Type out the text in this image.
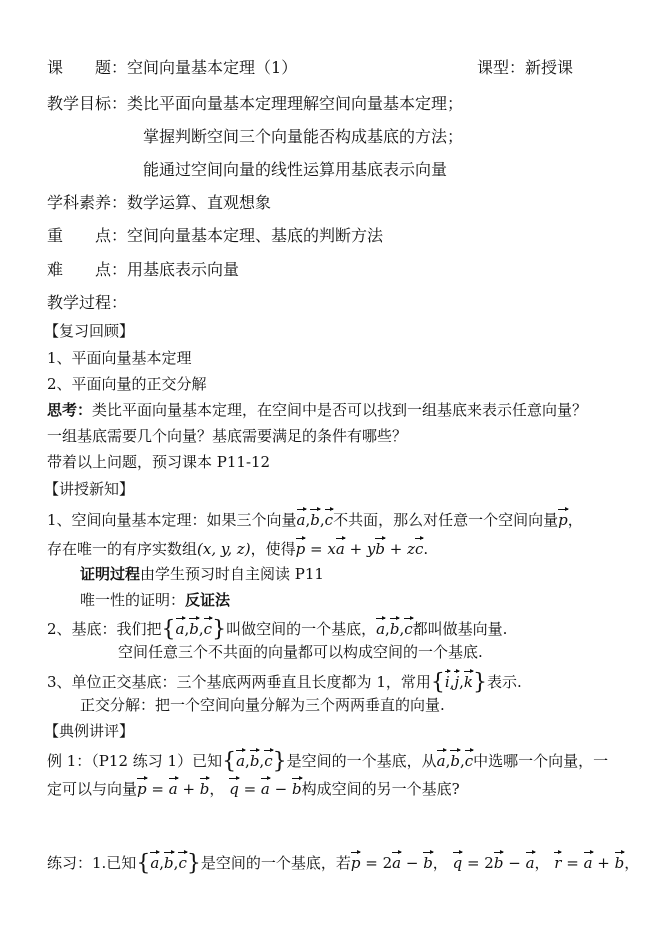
课　　题：空间向量基本定理（1）	课型：新授课
教学目标：类比平面向量基本定理理解空间向量基本定理；
掌握判断空间三个向量能否构成基底的方法；
能通过空间向量的线性运算用基底表示向量
学科素养：数学运算、直观想象
重　　点：空间向量基本定理、基底的判断方法
难　　点：用基底表示向量
教学过程：
【复习回顾】
1、平面向量基本定理
2、平面向量的正交分解
思考：类比平面向量基本定理，在空间中是否可以找到一组基底来表示任意向量？
一组基底需要几个向量？基底需要满足的条件有哪些？
带着以上问题，预习课本 P11-12
【讲授新知】
1、空间向量基本定理：如果三个向量a,b,c不共面，那么对任意一个空间向量p，
存在唯一的有序实数组(x, y, z)，使得p = xa + yb + zc.
证明过程由学生预习时自主阅读 P11
唯一性的证明：反证法
2、基底：我们把{a,b,c}叫做空间的一个基底，a,b,c都叫做基向量.
空间任意三个不共面的向量都可以构成空间的一个基底.
3、单位正交基底：三个基底两两垂直且长度都为 1，常用{i,j,k}表示.
正交分解：把一个空间向量分解为三个两两垂直的向量.
【典例讲评】
例 1：（P12 练习 1）已知{a,b,c}是空间的一个基底，从a,b,c中选哪一个向量，一
定可以与向量p = a + b， q = a − b构成空间的另一个基底?
练习：1.已知{a,b,c}是空间的一个基底，若p = 2a − b， q = 2b − a， r = a + b，
